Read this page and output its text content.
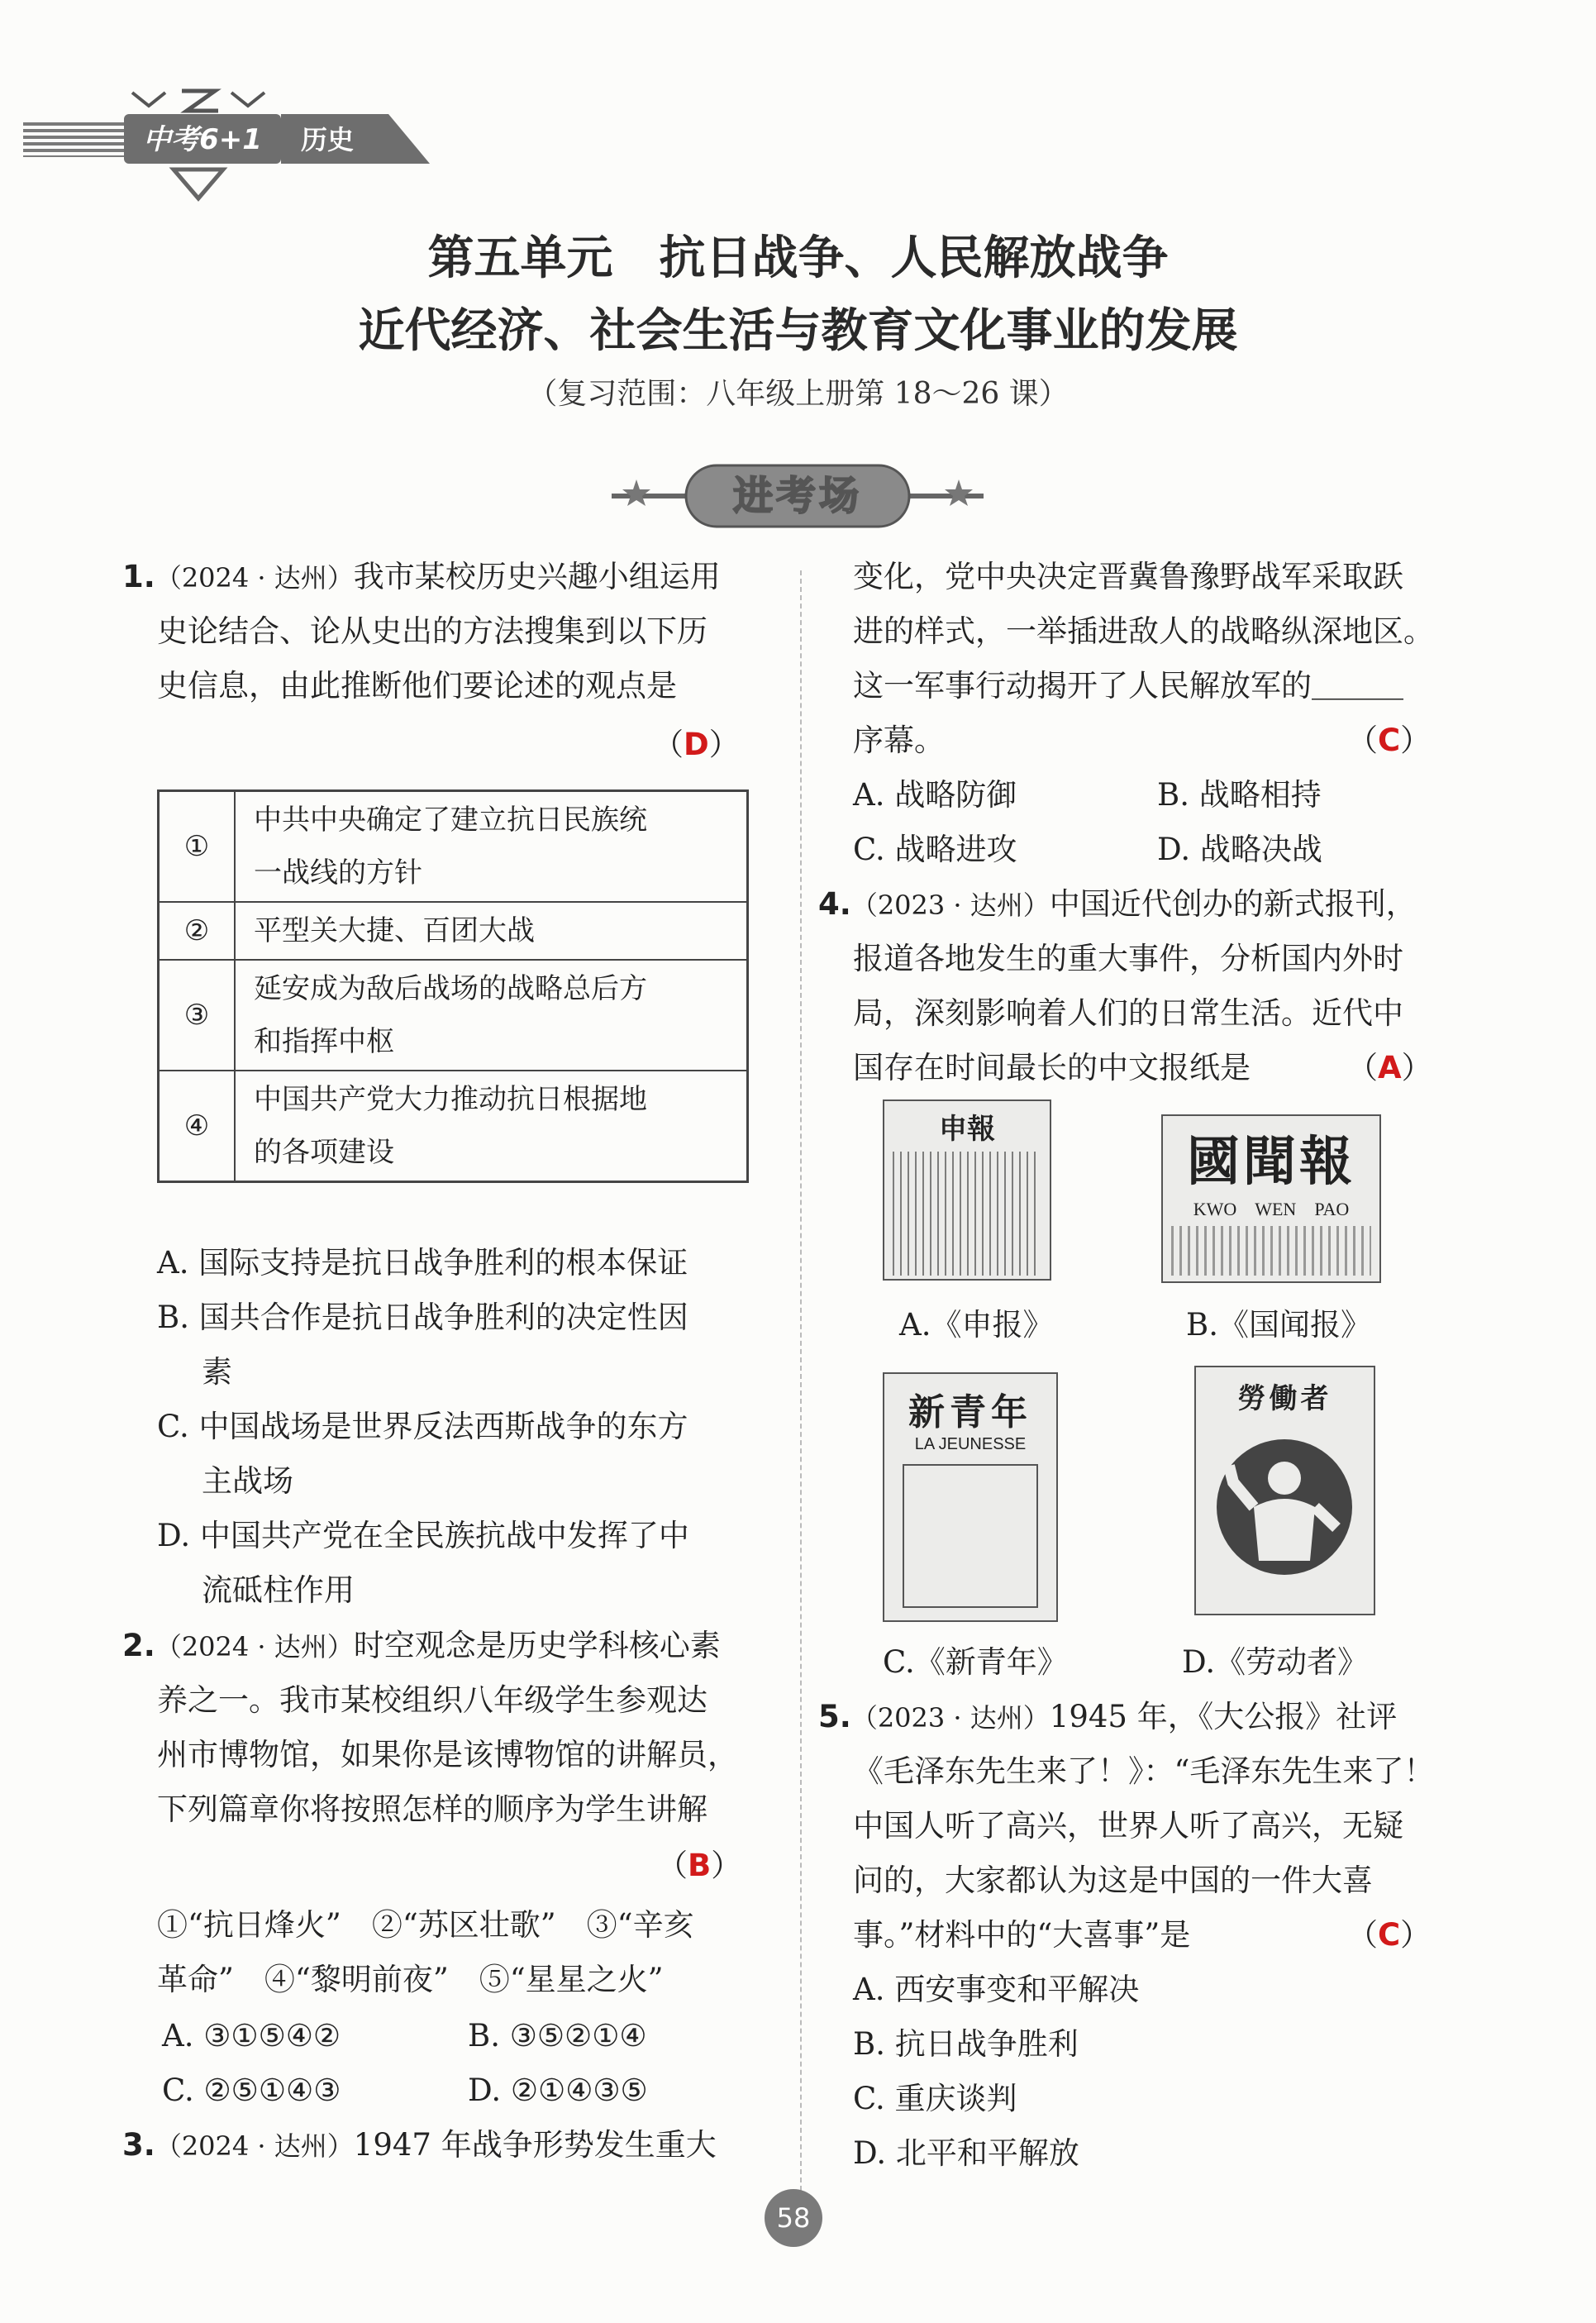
中考6+1	历史
第五单元　抗日战争、人民解放战争
近代经济、社会生活与教育文化事业的发展
（复习范围：八年级上册第 18～26 课）
进考场
1.（2024 · 达州）我市某校历史兴趣小组运用
史论结合、论从史出的方法搜集到以下历
史信息，由此推断他们要论述的观点是
（D）
①	中共中央确定了建立抗日民族统
一战线的方针
②	平型关大捷、百团大战
③	延安成为敌后战场的战略总后方
和指挥中枢
④	中国共产党大力推动抗日根据地
的各项建设
A. 国际支持是抗日战争胜利的根本保证
B. 国共合作是抗日战争胜利的决定性因
素
C. 中国战场是世界反法西斯战争的东方
主战场
D. 中国共产党在全民族抗战中发挥了中
流砥柱作用
2.（2024 · 达州）时空观念是历史学科核心素
养之一。我市某校组织八年级学生参观达
州市博物馆，如果你是该博物馆的讲解员，
下列篇章你将按照怎样的顺序为学生讲解
（B）
①“抗日烽火”　②“苏区壮歌”　③“辛亥
革命”　④“黎明前夜”　⑤“星星之火”
A. ③①⑤④②	B. ③⑤②①④
C. ②⑤①④③	D. ②①④③⑤
3.（2024 · 达州）1947 年战争形势发生重大
变化，党中央决定晋冀鲁豫野战军采取跃
进的样式，一举插进敌人的战略纵深地区。
这一军事行动揭开了人民解放军的＿＿＿
序幕。	（C）
A. 战略防御	B. 战略相持
C. 战略进攻	D. 战略决战
4.（2023 · 达州）中国近代创办的新式报刊，
报道各地发生的重大事件，分析国内外时
局，深刻影响着人们的日常生活。近代中
国存在时间最长的中文报纸是	（A）
申報
國聞報
KWO　WEN　PAO
A.《申报》	B.《国闻报》
新青年
LA JEUNESSE
勞働者
C.《新青年》	D.《劳动者》
5.（2023 · 达州）1945 年，《大公报》社评
《毛泽东先生来了！》：“毛泽东先生来了！
中国人听了高兴，世界人听了高兴，无疑
问的，大家都认为这是中国的一件大喜
事。”材料中的“大喜事”是	（C）
A. 西安事变和平解决
B. 抗日战争胜利
C. 重庆谈判
D. 北平和平解放
58
